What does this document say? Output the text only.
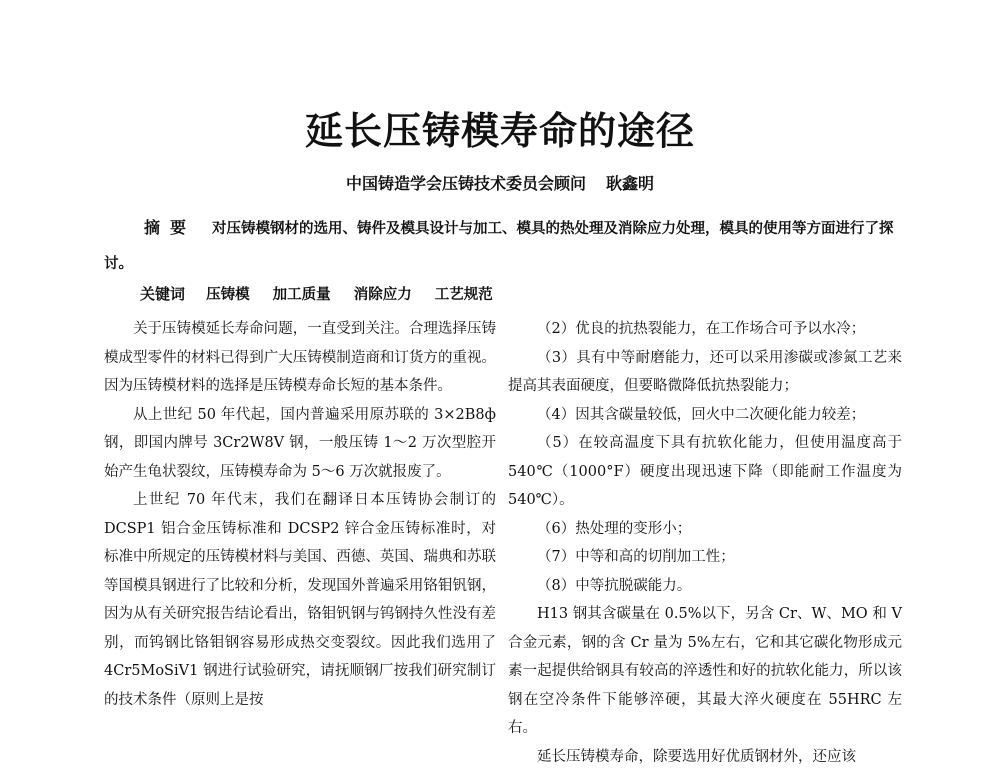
延长压铸模寿命的途径
中国铸造学会压铸技术委员会顾问 耿鑫明
摘要 对压铸模钢材的选用、铸件及模具设计与加工、模具的热处理及消除应力处理，模具的使用等方面进行了探讨。
关键词 压铸模 加工质量 消除应力 工艺规范

关于压铸模延长寿命问题，一直受到关注。合理选择压铸模成型零件的材料已得到广大压铸模制造商和订货方的重视。因为压铸模材料的选择是压铸模寿命长短的基本条件。

从上世纪 50 年代起，国内普遍采用原苏联的 3×2B8ф 钢，即国内牌号 3Cr2W8V 钢，一般压铸 1～2 万次型腔开始产生龟状裂纹，压铸模寿命为 5～6 万次就报废了。

上世纪 70 年代末，我们在翻译日本压铸协会制订的 DCSP1 铝合金压铸标准和 DCSP2 锌合金压铸标准时，对标准中所规定的压铸模材料与美国、西德、英国、瑞典和苏联等国模具钢进行了比较和分析，发现国外普遍采用铬钼钒钢，因为从有关研究报告结论看出，铬钼钒钢与钨钢持久性没有差别，而钨钢比铬钼钢容易形成热交变裂纹。因此我们选用了 4Cr5MoSiV1 钢进行试验研究，请抚顺钢厂按我们研究制订的技术条件（原则上是按

（2）优良的抗热裂能力，在工作场合可予以水冷；

（3）具有中等耐磨能力，还可以采用渗碳或渗氮工艺来提高其表面硬度，但要略微降低抗热裂能力；

（4）因其含碳量较低，回火中二次硬化能力较差；

（5）在较高温度下具有抗软化能力，但使用温度高于 540℃（1000°F）硬度出现迅速下降（即能耐工作温度为 540℃）。

（6）热处理的变形小；

（7）中等和高的切削加工性；

（8）中等抗脱碳能力。

H13 钢其含碳量在 0.5%以下，另含 Cr、W、MO 和 V 合金元素，钢的含 Cr 量为 5%左右，它和其它碳化物形成元素一起提供给钢具有较高的淬透性和好的抗软化能力，所以该钢在空冷条件下能够淬硬，其最大淬火硬度在 55HRC 左右。

延长压铸模寿命，除要选用好优质钢材外，还应该
